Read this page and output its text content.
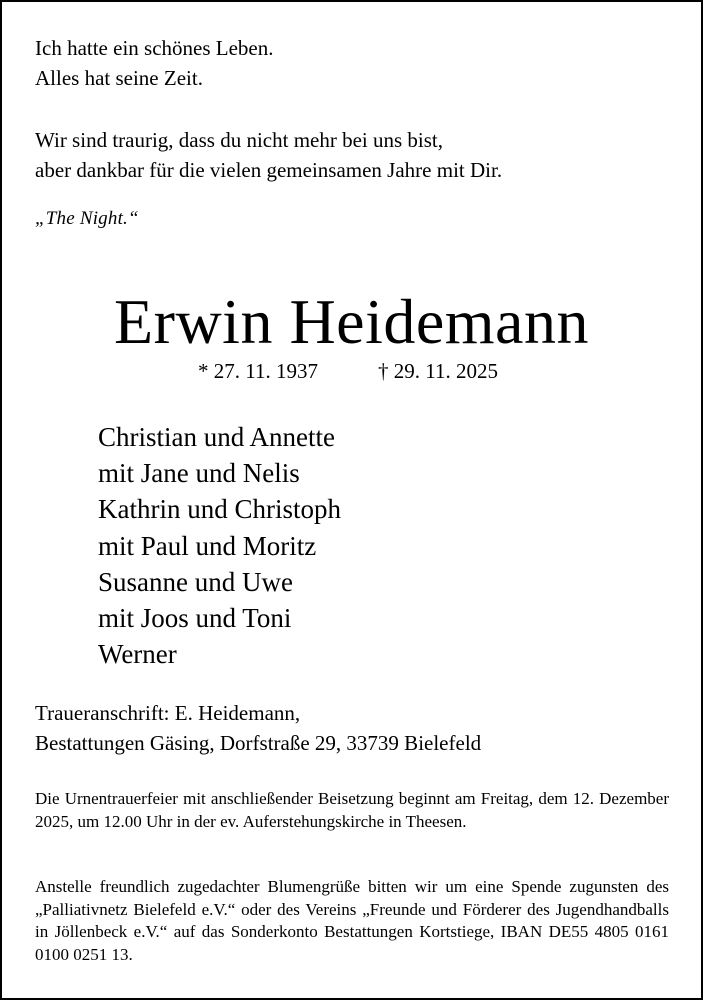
Ich hatte ein schönes Leben.

Alles hat seine Zeit.

Wir sind traurig, dass du nicht mehr bei uns bist,

aber dankbar für die vielen gemeinsamen Jahre mit Dir.

„The Night.“
Erwin Heidemann
* 27. 11. 1937	† 29. 11. 2025
Christian und Annette
mit Jane und Nelis
Kathrin und Christoph
mit Paul und Moritz
Susanne und Uwe
mit Joos und Toni
Werner
Traueranschrift: E. Heidemann,
Bestattungen Gäsing, Dorfstraße 29, 33739 Bielefeld
Die Urnentrauerfeier mit anschließender Beisetzung beginnt am Freitag, dem 12. Dezember 2025, um 12.00 Uhr in der ev. Auferstehungskirche in Theesen.
Anstelle freundlich zugedachter Blumengrüße bitten wir um eine Spende zugunsten des „Palliativnetz Bielefeld e.V.“ oder des Vereins „Freunde und Förderer des Jugendhandballs in Jöllenbeck e.V.“ auf das Sonderkonto Bestattungen Kortstiege, IBAN DE55 4805 0161 0100 0251 13.
